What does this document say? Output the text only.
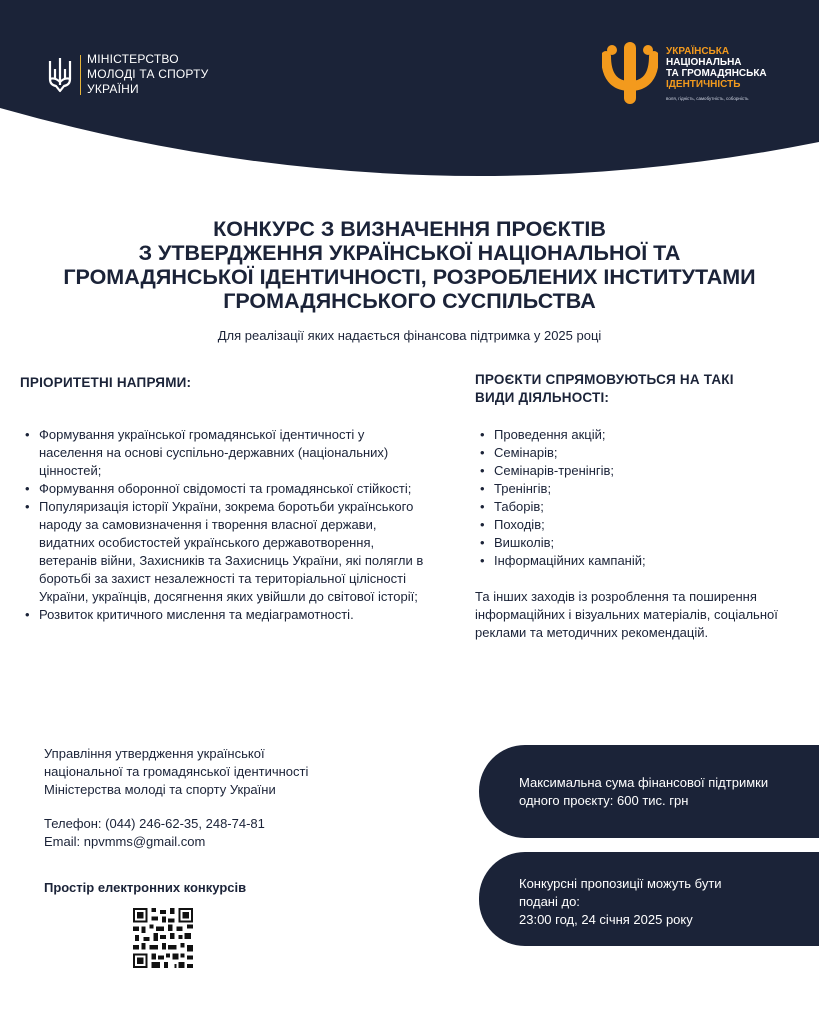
МІНІСТЕРСТВО
МОЛОДІ ТА СПОРТУ
УКРАЇНИ
УКРАЇНСЬКА
НАЦІОНАЛЬНА
ТА ГРОМАДЯНСЬКА
ІДЕНТИЧНІСТЬ
воля, гідність, самобутність, соборність
КОНКУРС З ВИЗНАЧЕННЯ ПРОЄКТІВ
З УТВЕРДЖЕННЯ УКРАЇНСЬКОЇ НАЦІОНАЛЬНОЇ ТА
ГРОМАДЯНСЬКОЇ ІДЕНТИЧНОСТІ, РОЗРОБЛЕНИХ ІНСТИТУТАМИ
ГРОМАДЯНСЬКОГО СУСПІЛЬСТВА
Для реалізації яких надається фінансова підтримка у 2025 році
ПРІОРИТЕТНІ НАПРЯМИ:
• Формування української громадянської ідентичності у населення на основі суспільно-державних (національних) цінностей;
• Формування оборонної свідомості та громадянської стійкості;
• Популяризація історії України, зокрема боротьби українського народу за самовизначення і творення власної держави, видатних особистостей українського державотворення, ветеранів війни, Захисників та Захисниць України, які полягли в боротьбі за захист незалежності та територіальної цілісності України, українців, досягнення яких увійшли до світової історії;
• Розвиток критичного мислення та медіаграмотності.
ПРОЄКТИ СПРЯМОВУЮТЬСЯ НА ТАКІ
ВИДИ ДІЯЛЬНОСТІ:
• Проведення акцій;
• Семінарів;
• Семінарів-тренінгів;
• Тренінгів;
• Таборів;
• Походів;
• Вишколів;
• Інформаційних кампаній;
Та інших заходів із розроблення та поширення інформаційних і візуальних матеріалів, соціальної реклами та методичних рекомендацій.
Управління утвердження української
національної та громадянської ідентичності
Міністерства молоді та спорту України
Телефон: (044) 246-62-35, 248-74-81
Email: npvmms@gmail.com
Простір електронних конкурсів
Максимальна сума фінансової підтримки
одного проєкту: 600 тис. грн
Конкурсні пропозиції можуть бути
подані до:
23:00 год, 24 січня 2025 року
